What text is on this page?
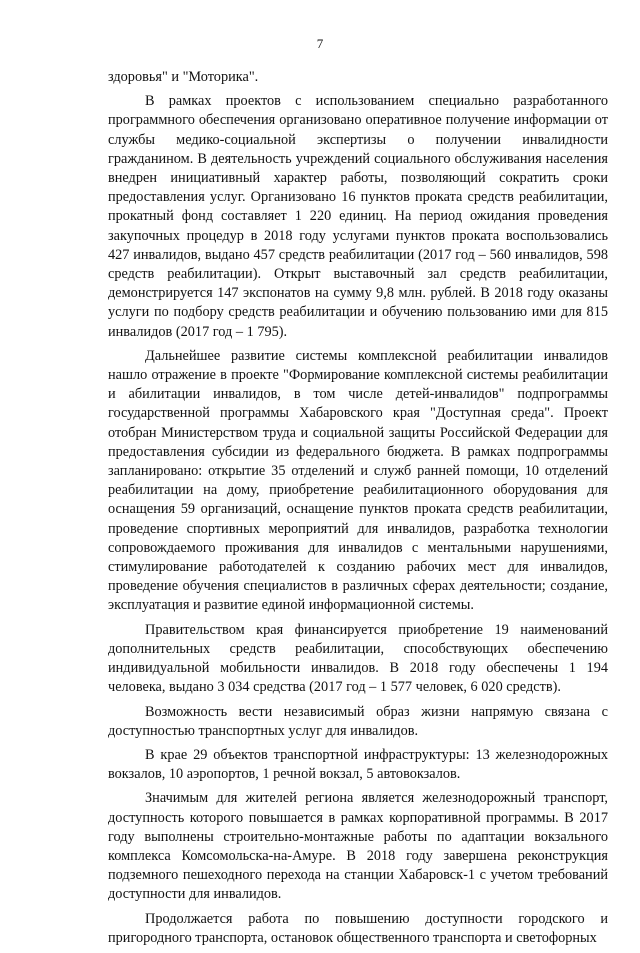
7

здоровья" и "Моторика".

В рамках проектов с использованием специально разработанного программного обеспечения организовано оперативное получение информации от службы медико-социальной экспертизы о получении инвалидности гражданином. В деятельность учреждений социального обслуживания населения внедрен инициативный характер работы, позволяющий сократить сроки предоставления услуг. Организовано 16 пунктов проката средств реабилитации, прокатный фонд составляет 1 220 единиц. На период ожидания проведения закупочных процедур в 2018 году услугами пунктов проката воспользовались 427 инвалидов, выдано 457 средств реабилитации (2017 год – 560 инвалидов, 598 средств реабилитации). Открыт выставочный зал средств реабилитации, демонстрируется 147 экспонатов на сумму 9,8 млн. рублей. В 2018 году оказаны услуги по подбору средств реабилитации и обучению пользованию ими для 815 инвалидов (2017 год – 1 795).

Дальнейшее развитие системы комплексной реабилитации инвалидов нашло отражение в проекте "Формирование комплексной системы реабилитации и абилитации инвалидов, в том числе детей-инвалидов" подпрограммы государственной программы Хабаровского края "Доступная среда". Проект отобран Министерством труда и социальной защиты Российской Федерации для предоставления субсидии из федерального бюджета. В рамках подпрограммы запланировано: открытие 35 отделений и служб ранней помощи, 10 отделений реабилитации на дому, приобретение реабилитационного оборудования для оснащения 59 организаций, оснащение пунктов проката средств реабилитации, проведение спортивных мероприятий для инвалидов, разработка технологии сопровождаемого проживания для инвалидов с ментальными нарушениями, стимулирование работодателей к созданию рабочих мест для инвалидов, проведение обучения специалистов в различных сферах деятельности; создание, эксплуатация и развитие единой информационной системы.

Правительством края финансируется приобретение 19 наименований дополнительных средств реабилитации, способствующих обеспечению индивидуальной мобильности инвалидов. В 2018 году обеспечены 1 194 человека, выдано 3 034 средства (2017 год – 1 577 человек, 6 020 средств).

Возможность вести независимый образ жизни напрямую связана с доступностью транспортных услуг для инвалидов.

В крае 29 объектов транспортной инфраструктуры: 13 железнодорожных вокзалов, 10 аэропортов, 1 речной вокзал, 5 автовокзалов.

Значимым для жителей региона является железнодорожный транспорт, доступность которого повышается в рамках корпоративной программы. В 2017 году выполнены строительно-монтажные работы по адаптации вокзального комплекса Комсомольска-на-Амуре. В 2018 году завершена реконструкция подземного пешеходного перехода на станции Хабаровск-1 с учетом требований доступности для инвалидов.

Продолжается работа по повышению доступности городского и пригородного транспорта, остановок общественного транспорта и светофорных
